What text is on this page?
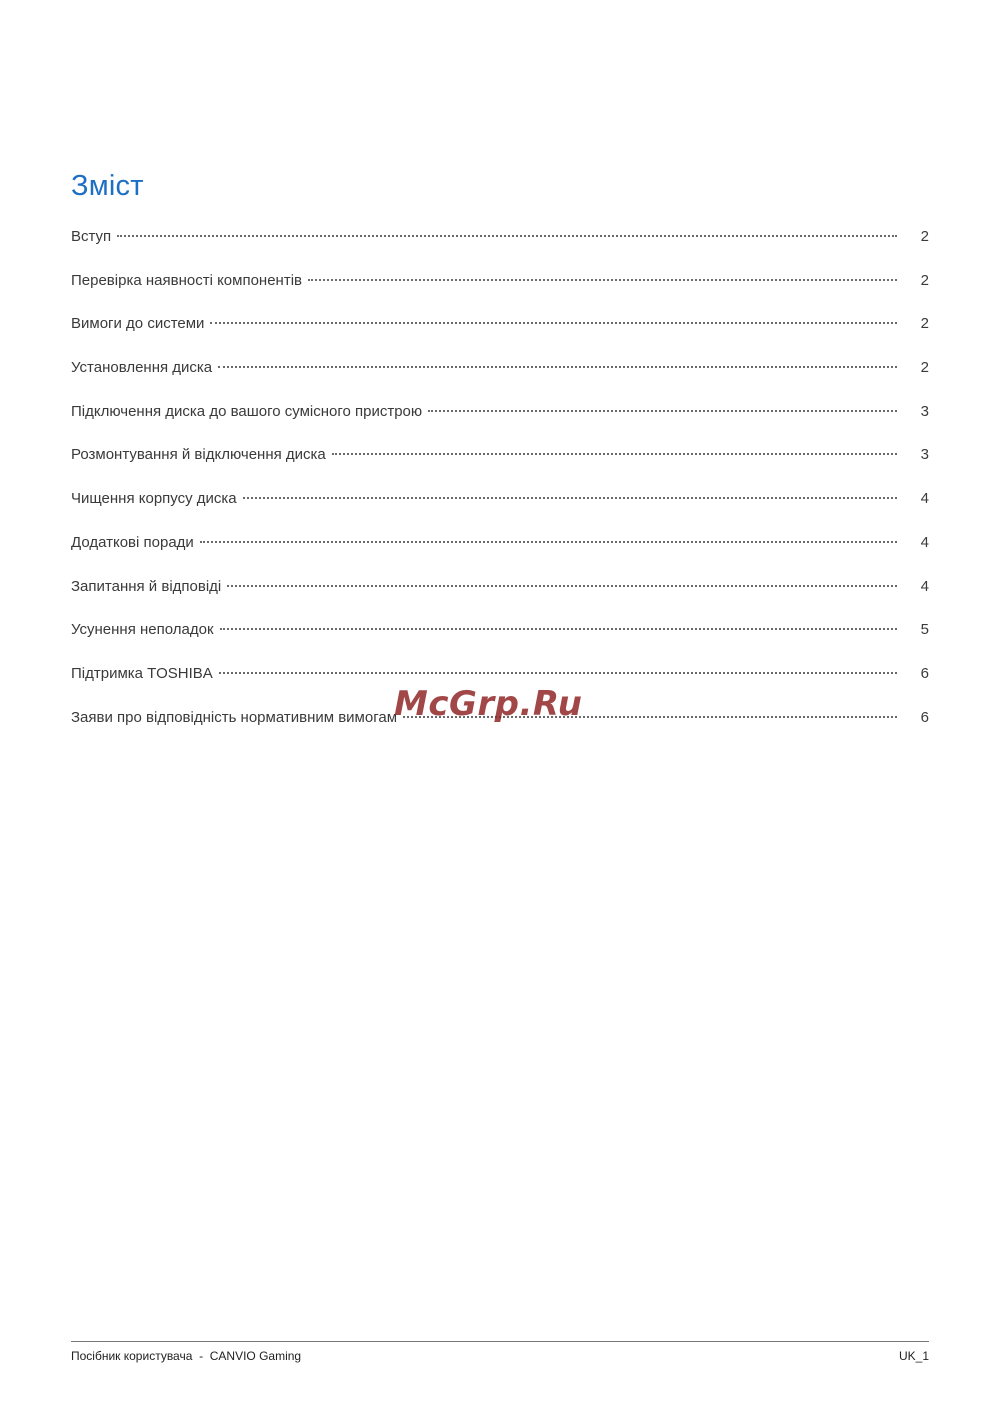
Зміст
Вступ	2
Перевірка наявності компонентів	2
Вимоги до системи	2
Установлення диска	2
Підключення диска до вашого сумісного пристрою	3
Розмонтування й відключення диска	3
Чищення корпусу диска	4
Додаткові поради	4
Запитання й відповіді	4
Усунення неполадок	5
Підтримка TOSHIBA	6
Заяви про відповідність нормативним вимогам	6
McGrp.Ru
Посібник користувача  -  CANVIO Gaming	UK_1
